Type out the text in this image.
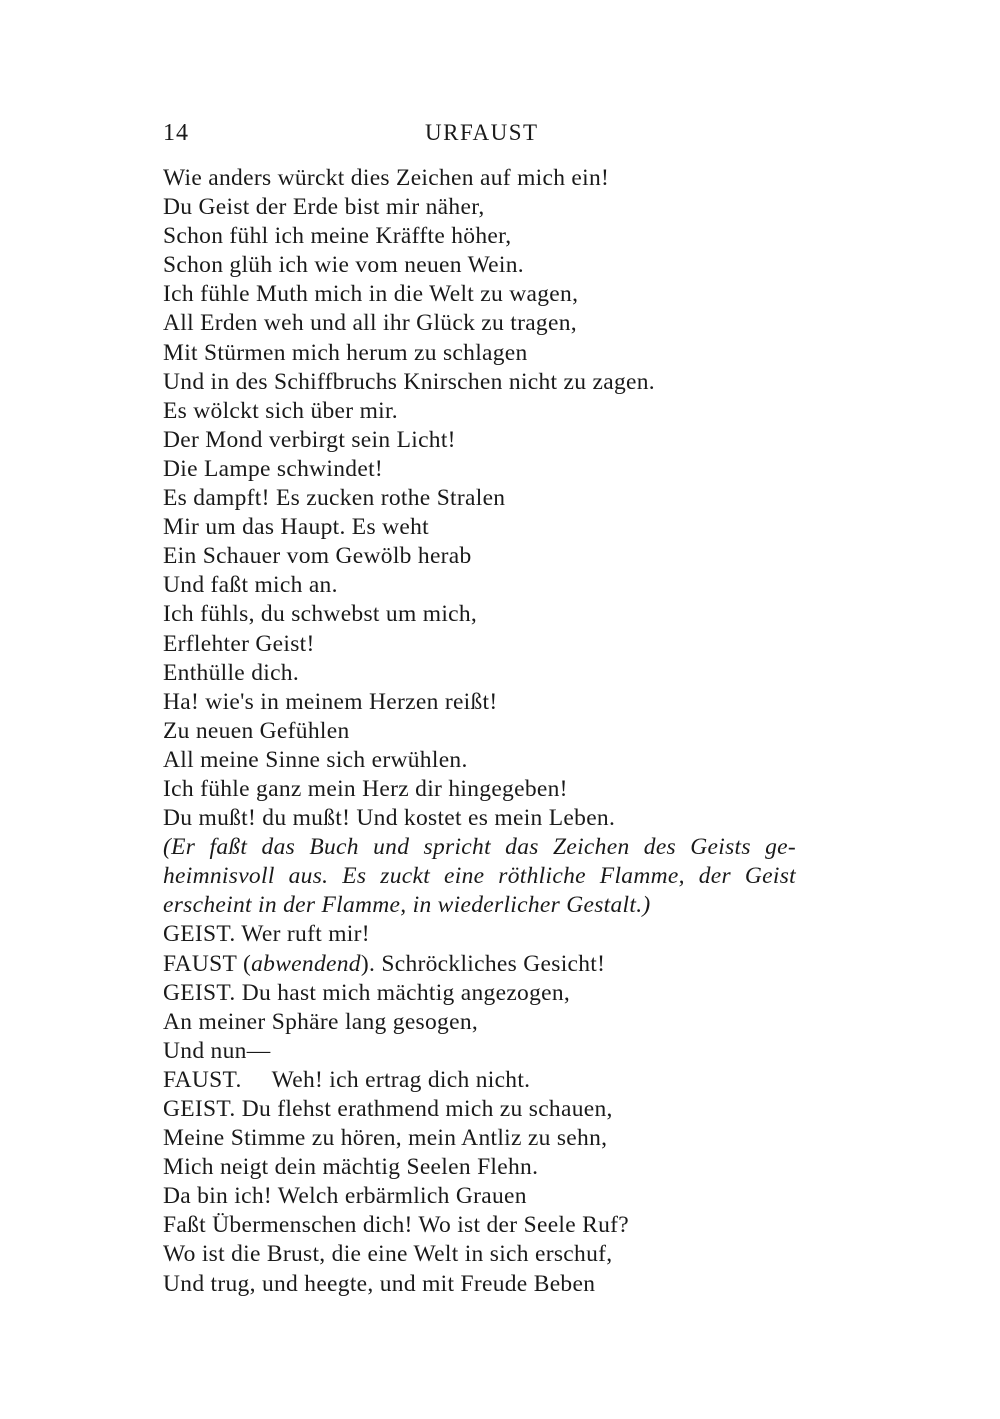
14	URFAUST
Wie anders würckt dies Zeichen auf mich ein!
Du Geist der Erde bist mir näher,
Schon fühl ich meine Kräffte höher,
Schon glüh ich wie vom neuen Wein.
Ich fühle Muth mich in die Welt zu wagen,
All Erden weh und all ihr Glück zu tragen,
Mit Stürmen mich herum zu schlagen
Und in des Schiffbruchs Knirschen nicht zu zagen.
Es wölckt sich über mir.
Der Mond verbirgt sein Licht!
Die Lampe schwindet!
Es dampft! Es zucken rothe Stralen
Mir um das Haupt. Es weht
Ein Schauer vom Gewölb herab
Und faßt mich an.
Ich fühls, du schwebst um mich,
Erflehter Geist!
Enthülle dich.
Ha! wie's in meinem Herzen reißt!
Zu neuen Gefühlen
All meine Sinne sich erwühlen.
Ich fühle ganz mein Herz dir hingegeben!
Du mußt! du mußt! Und kostet es mein Leben.
(Er faßt das Buch und spricht das Zeichen des Geists ge-
heimnisvoll aus. Es zuckt eine röthliche Flamme, der Geist
erscheint in der Flamme, in wiederlicher Gestalt.)
GEIST. Wer ruft mir!
FAUST (abwendend). Schröckliches Gesicht!
GEIST. Du hast mich mächtig angezogen,
An meiner Sphäre lang gesogen,
Und nun—
FAUST. Weh! ich ertrag dich nicht.
GEIST. Du flehst erathmend mich zu schauen,
Meine Stimme zu hören, mein Antliz zu sehn,
Mich neigt dein mächtig Seelen Flehn.
Da bin ich! Welch erbärmlich Grauen
Faßt Übermenschen dich! Wo ist der Seele Ruf?
Wo ist die Brust, die eine Welt in sich erschuf,
Und trug, und heegte, und mit Freude Beben
